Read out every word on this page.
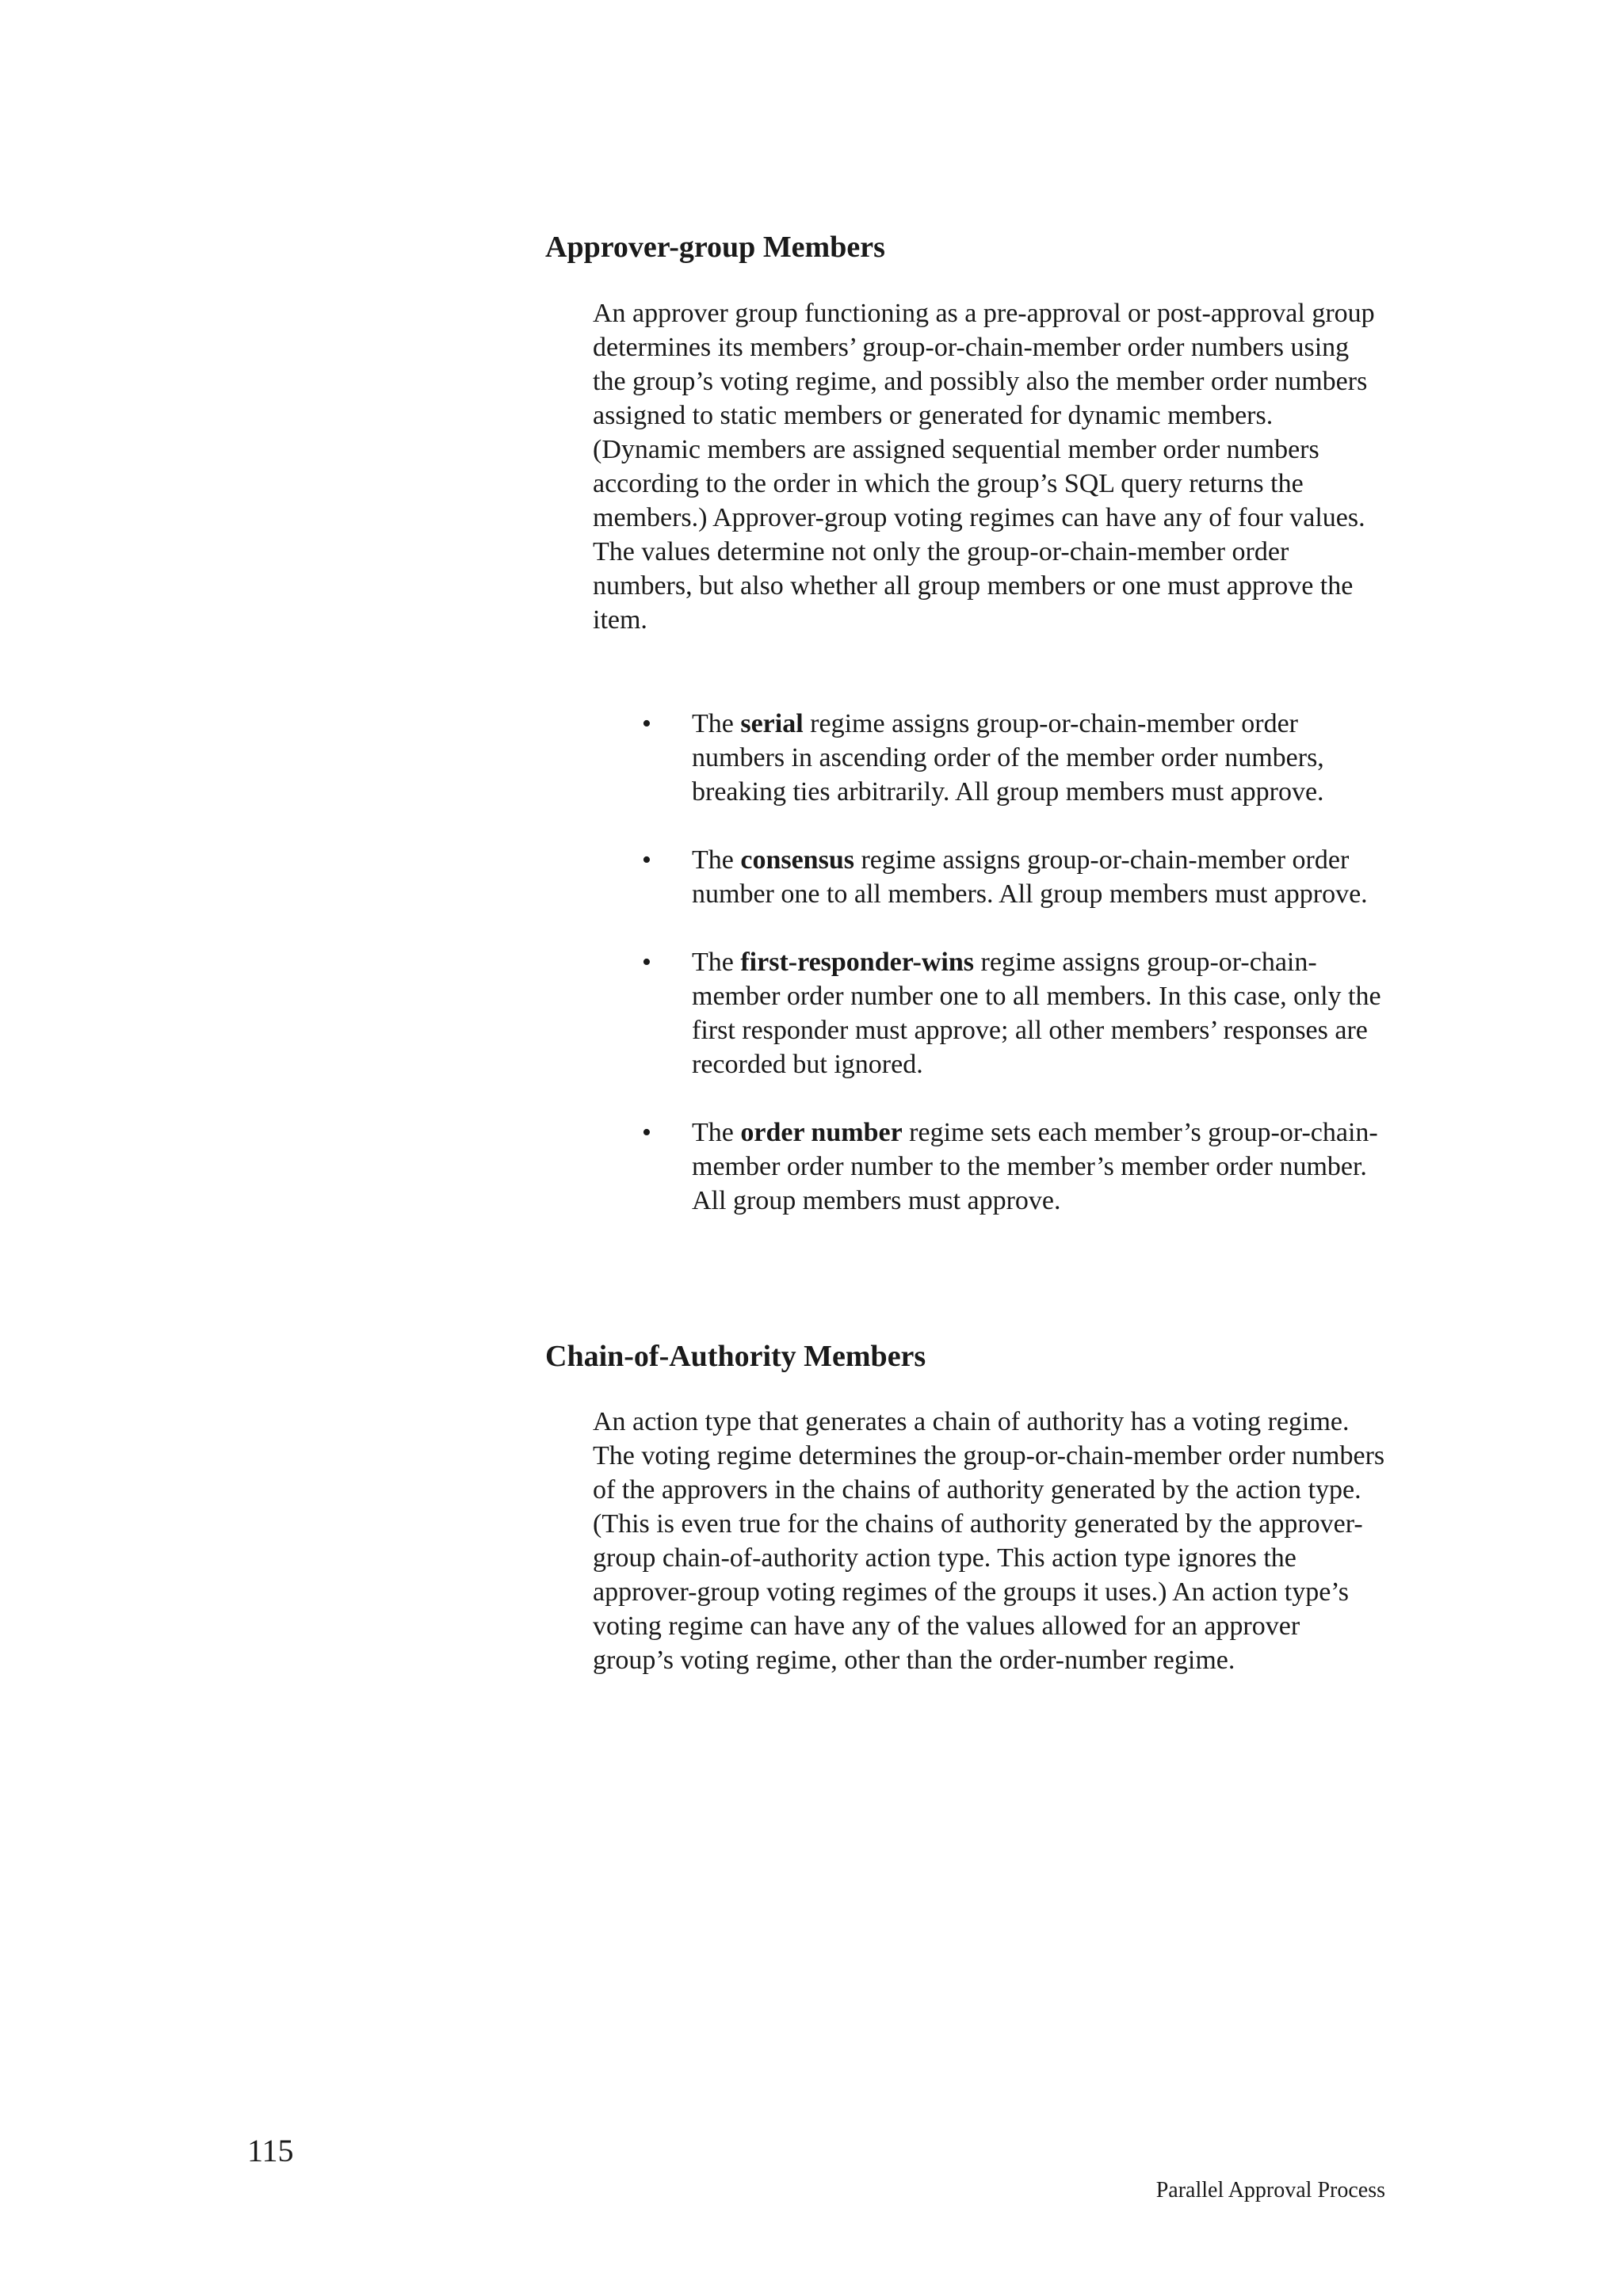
Approver-group Members

An approver group functioning as a pre-approval or post-approval group determines its members’ group-or-chain-member order numbers using the group’s voting regime, and possibly also the member order numbers assigned to static members or generated for dynamic members. (Dynamic members are assigned sequential member order numbers according to the order in which the group’s SQL query returns the members.) Approver-group voting regimes can have any of four values. The values determine not only the group-or-chain-member order numbers, but also whether all group members or one must approve the item.

•	The serial regime assigns group-or-chain-member order numbers in ascending order of the member order numbers, breaking ties arbitrarily. All group members must approve.
•	The consensus regime assigns group-or-chain-member order number one to all members. All group members must approve.
•	The first-responder-wins regime assigns group-or-chain-member order number one to all members. In this case, only the first responder must approve; all other members’ responses are recorded but ignored.
•	The order number regime sets each member’s group-or-chain-member order number to the member’s member order number. All group members must approve.
Chain-of-Authority Members

An action type that generates a chain of authority has a voting regime. The voting regime determines the group-or-chain-member order numbers of the approvers in the chains of authority generated by the action type. (This is even true for the chains of authority generated by the approver-group chain-of-authority action type. This action type ignores the approver-group voting regimes of the groups it uses.) An action type’s voting regime can have any of the values allowed for an approver group’s voting regime, other than the order-number regime.

115
Parallel Approval Process
